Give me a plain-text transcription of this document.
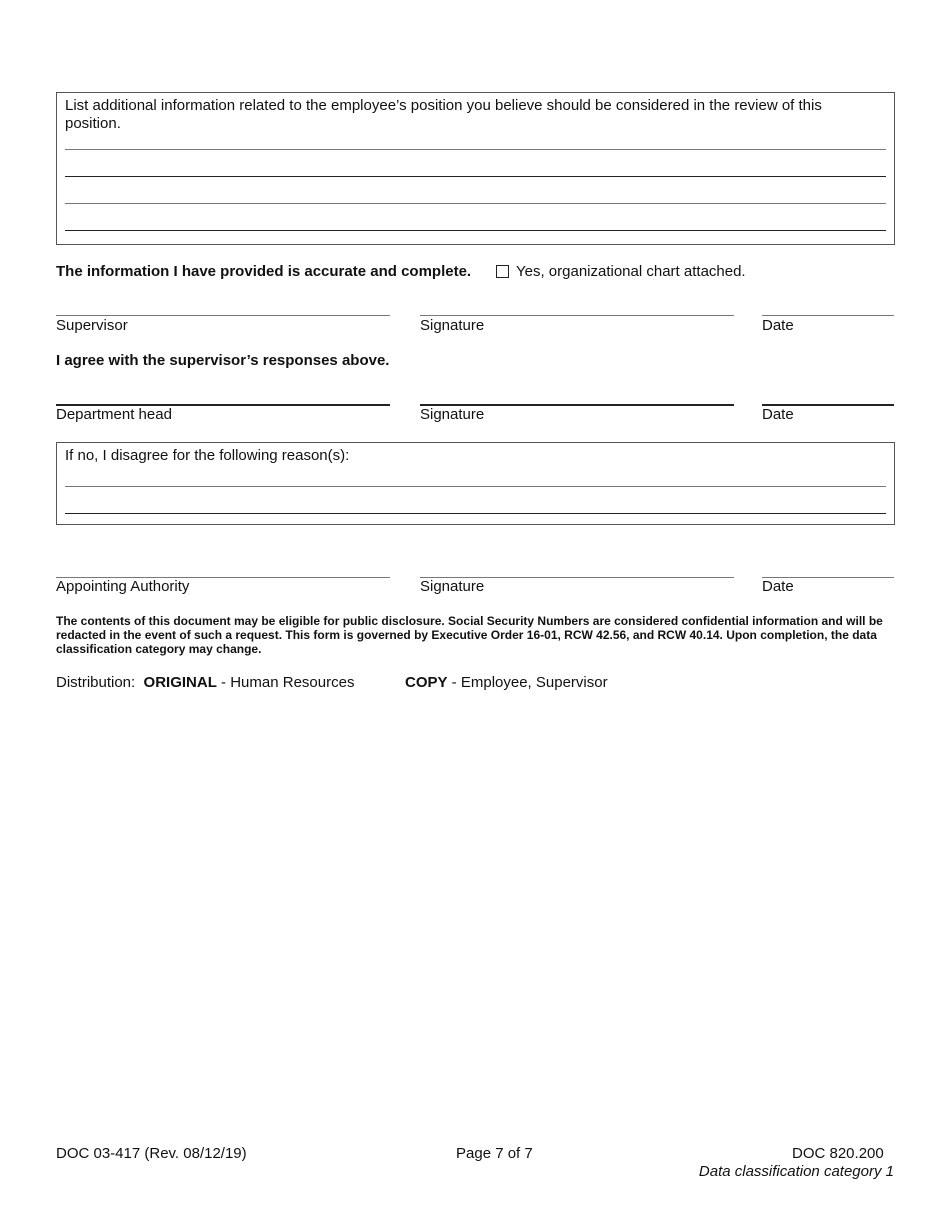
List additional information related to the employee’s position you believe should be considered in the review of this position.
The information I have provided is accurate and complete.	Yes, organizational chart attached.
Supervisor	Signature	Date
I agree with the supervisor’s responses above.
Department head	Signature	Date
If no, I disagree for the following reason(s):
Appointing Authority	Signature	Date
The contents of this document may be eligible for public disclosure. Social Security Numbers are considered confidential information and will be redacted in the event of such a request. This form is governed by Executive Order 16-01, RCW 42.56, and RCW 40.14. Upon completion, the data classification category may change.
Distribution: ORIGINAL - Human Resources	COPY - Employee, Supervisor
DOC 03-417 (Rev. 08/12/19)	Page 7 of 7	DOC 820.200
Data classification category 1
